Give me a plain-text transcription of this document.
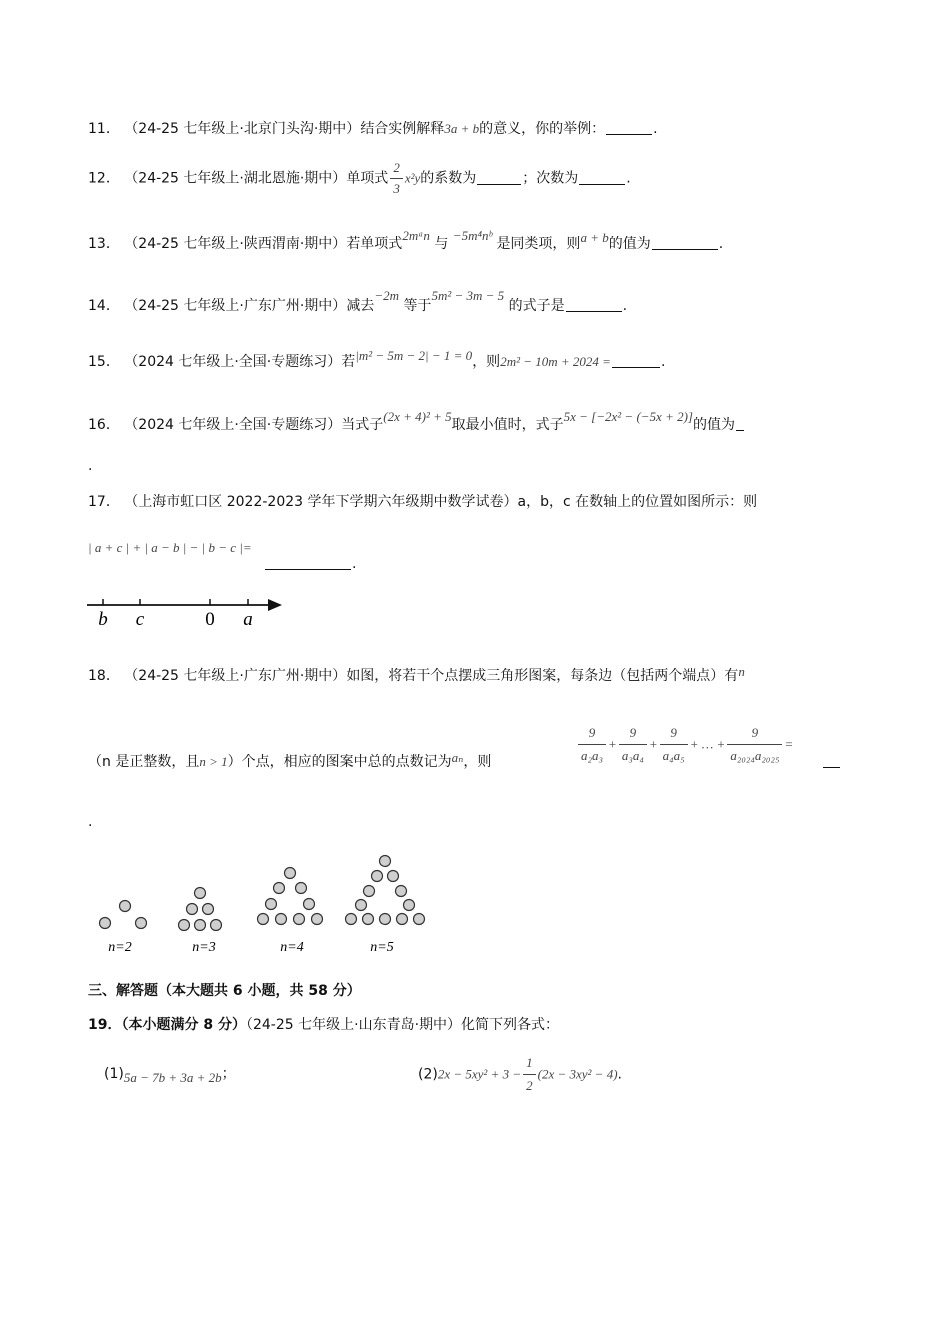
11． （24-25 七年级上·北京门头沟·期中）结合实例解释3a + b的意义，你的举例：	.
12． （24-25 七年级上·湖北恩施·期中）单项式 $\frac{2}{3} x^2y$的系数为	；次数为	.
13． （24-25 七年级上·陕西渭南·期中）若单项式2mᵃn 与 −5m⁴nᵇ 是同类项，则a + b的值为	.
14． （24-25 七年级上·广东广州·期中）减去−2m 等于5m² − 3m − 5 的式子是	.
15． （2024 七年级上·全国·专题练习）若|m² − 5m − 2| − 1 = 0，则2m² − 10m + 2024 =	.
16． （2024 七年级上·全国·专题练习）当式子(2x + 4)² + 5取最小值时，式子5x − [−2x² − (−5x + 2)]的值为
.
17． （上海市虹口区 2022-2023 学年下学期六年级期中数学试卷）a，b，c 在数轴上的位置如图所示：则
| a + c | + | a − b | − | b − c |=
.
b c	0 a
18． （24-25 七年级上·广东广州·期中）如图，将若干个点摆成三角形图案，每条边（包括两个端点）有n
（n 是正整数，且n > 1）个点，相应的图案中总的点数记为aₙ，则	$\frac{9}{\text{a₂a₃}} + \frac{9}{\text{a₃a₄}} + \frac{9}{\text{a₄a₅}}$ + … + $\frac{9}{\text{a₂₀₂₄a₂₀₂₅}}$ =
.
n=2	n=3	n=4	n=5
三、解答题（本大题共 6 小题，共 58 分）
19．（本小题满分 8 分）（24-25 七年级上·山东青岛·期中）化简下列各式：
(1)5a − 7b + 3a + 2b；	$(2)2x - 5xy^2 + 3 - \frac{1}{2} (2x - 3xy^2 - 4)$.
